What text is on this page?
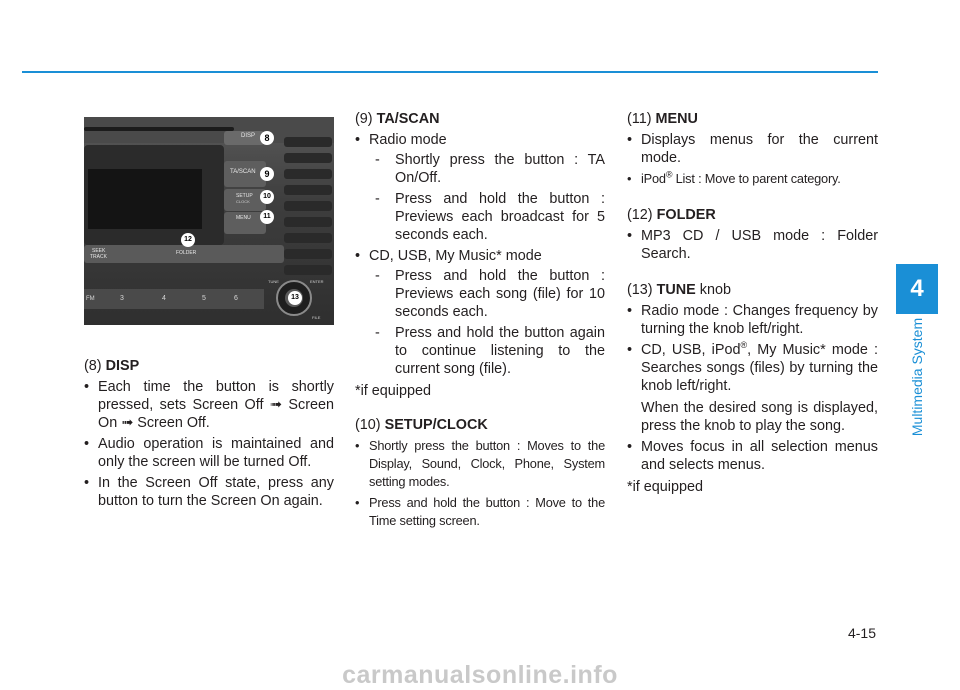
DISP
TA/SCAN
SETUP
CLOCK
MENU
SEEK
TRACK
FOLDER
FM	3	4	5	6
TUNE	ENTER
FILE
8
9
10
11
12
13
(8) DISP
• Each time the button is shortly pressed, sets Screen Off ➟ Screen On ➟ Screen Off.
• Audio operation is maintained and only the screen will be turned Off.
• In the Screen Off state, press any button to turn the Screen On again.
(9) TA/SCAN
• Radio mode
- Shortly press the button : TA On/Off.
- Press and hold the button : Previews each broadcast for 5 seconds each.
• CD, USB, My Music* mode
- Press and hold the button : Previews each song (file) for 10 seconds each.
- Press and hold the button again to continue listening to the current song (file).
*if equipped
(10) SETUP/CLOCK
• Shortly press the button : Moves to the Display, Sound, Clock, Phone, System setting modes.
• Press and hold the button : Move to the Time setting screen.
(11) MENU
• Displays menus for the current mode.
• iPod® List : Move to parent category.
(12) FOLDER
• MP3 CD / USB mode : Folder Search.
(13) TUNE knob
• Radio mode : Changes frequency by turning the knob left/right.
• CD, USB, iPod®, My Music* mode : Searches songs (files) by turning the knob left/right.
When the desired song is displayed, press the knob to play the song.
• Moves focus in all selection menus and selects menus.
*if equipped
4
Multimedia System
4-15
carmanualsonline.info
